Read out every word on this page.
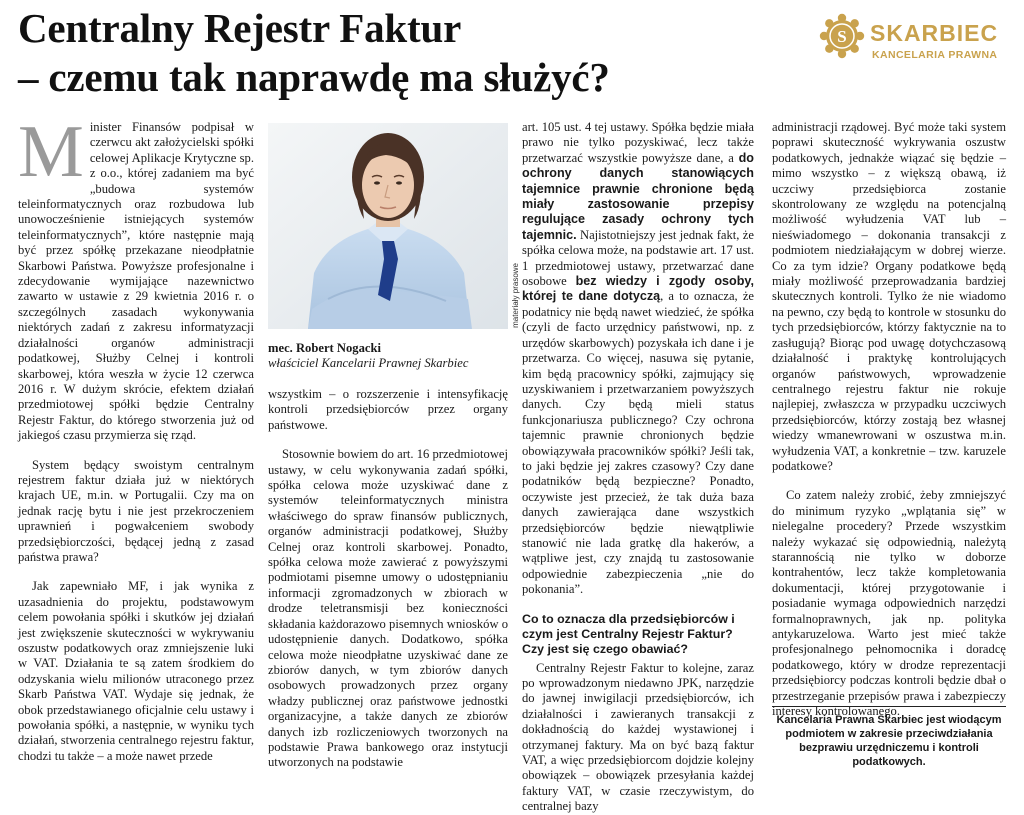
Centralny Rejestr Faktur
– czemu tak naprawdę ma służyć?
S SKARBIEC
KANCELARIA PRAWNA

Minister Finansów podpisał w czerwcu akt założycielski spółki celowej Aplikacje Krytyczne sp. z o.o., której zadaniem ma być „budowa systemów teleinformatycznych oraz rozbudowa lub unowocześnienie istniejących systemów teleinformatycznych”, które następnie mają być przez spółkę przekazane nieodpłatnie Skarbowi Państwa. Powyższe profesjonalne i zdecydowanie wymijające nazewnictwo zawarto w ustawie z 29 kwietnia 2016 r. o szczególnych zasadach wykonywania niektórych zadań z zakresu informatyzacji działalności organów administracji podatkowej, Służby Celnej i kontroli skarbowej, która weszła w życie 12 czerwca 2016 r. W dużym skrócie, efektem działań przedmiotowej spółki będzie Centralny Rejestr Faktur, do którego stworzenia już od jakiegoś czasu przymierza się rząd.

System będący swoistym centralnym rejestrem faktur działa już w niektórych krajach UE, m.in. w Portugalii. Czy ma on jednak rację bytu i nie jest przekroczeniem uprawnień i pogwałceniem swobody przedsiębiorczości, będącej jedną z zasad państwa prawa?

Jak zapewniało MF, i jak wynika z uzasadnienia do projektu, podstawowym celem powołania spółki i skutków jej działań jest zwiększenie skuteczności w wykrywaniu oszustw podatkowych oraz zmniejszenie luki w VAT. Działania te są zatem środkiem do odzyskania wielu milionów utraconego przez Skarb Państwa VAT. Wydaje się jednak, że obok przedstawianego oficjalnie celu ustawy i powołania spółki, a następnie, w wyniku tych działań, stworzenia centralnego rejestru faktur, chodzi tu także – a może nawet przede

materiały prasowe
mec. Robert Nogacki
właściciel Kancelarii Prawnej Skarbiec

wszystkim – o rozszerzenie i intensyfikację kontroli przedsiębiorców przez organy państwowe.

Stosownie bowiem do art. 16 przedmiotowej ustawy, w celu wykonywania zadań spółki, spółka celowa może uzyskiwać dane z systemów teleinformatycznych ministra właściwego do spraw finansów publicznych, organów administracji podatkowej, Służby Celnej oraz kontroli skarbowej. Ponadto, spółka celowa może zawierać z powyższymi podmiotami pisemne umowy o udostępnianiu informacji zgromadzonych w zbiorach w drodze teletransmisji bez konieczności składania każdorazowo pisemnych wniosków o udostępnienie danych. Dodatkowo, spółka celowa może nieodpłatne uzyskiwać dane ze zbiorów danych, w tym zbiorów danych osobowych prowadzonych przez organy władzy publicznej oraz państwowe jednostki organizacyjne, a także danych ze zbiorów danych izb rozliczeniowych tworzonych na podstawie Prawa bankowego oraz instytucji utworzonych na podstawie

art. 105 ust. 4 tej ustawy. Spółka będzie miała prawo nie tylko pozyskiwać, lecz także przetwarzać wszystkie powyższe dane, a do ochrony danych stanowiących tajemnice prawnie chronione będą miały zastosowanie przepisy regulujące zasady ochrony tych tajemnic. Najistotniejszy jest jednak fakt, że spółka celowa może, na podstawie art. 17 ust. 1 przedmiotowej ustawy, przetwarzać dane osobowe bez wiedzy i zgody osoby, której te dane dotyczą, a to oznacza, że podatnicy nie będą nawet wiedzieć, że spółka (czyli de facto urzędnicy państwowi, np. z urzędów skarbowych) pozyskała ich dane i je przetwarza. Co więcej, nasuwa się pytanie, kim będą pracownicy spółki, zajmujący się uzyskiwaniem i przetwarzaniem powyższych danych. Czy będą mieli status funkcjonariusza publicznego? Czy ochrona tajemnic prawnie chronionych będzie obowiązywała pracowników spółki? Jeśli tak, to jaki będzie jej zakres czasowy? Czy dane podatników będą bezpieczne? Ponadto, oczywiste jest przecież, że tak duża baza danych zawierająca dane wszystkich przedsiębiorców będzie niewątpliwie stanowić nie lada gratkę dla hakerów, a wątpliwe jest, czy znajdą tu zastosowanie odpowiednie zabezpieczenia „nie do pokonania”.

Co to oznacza dla przedsiębiorców i czym jest Centralny Rejestr Faktur? Czy jest się czego obawiać?

Centralny Rejestr Faktur to kolejne, zaraz po wprowadzonym niedawno JPK, narzędzie do jawnej inwigilacji przedsiębiorców, ich działalności i zawieranych transakcji z dokładnością do każdej wystawionej i otrzymanej faktury. Ma on być bazą faktur VAT, a więc przedsiębiorcom dojdzie kolejny obowiązek – obowiązek przesyłania każdej faktury VAT, w czasie rzeczywistym, do centralnej bazy

administracji rządowej. Być może taki system poprawi skuteczność wykrywania oszustw podatkowych, jednakże wiązać się będzie – mimo wszystko – z większą obawą, iż uczciwy przedsiębiorca zostanie skontrolowany ze względu na potencjalną możliwość wyłudzenia VAT lub – nieświadomego – dokonania transakcji z podmiotem niedziałającym w dobrej wierze. Co za tym idzie? Organy podatkowe będą miały możliwość przeprowadzania bardziej skutecznych kontroli. Tylko że nie wiadomo na pewno, czy będą to kontrole w stosunku do tych przedsiębiorców, którzy faktycznie na to zasługują? Biorąc pod uwagę dotychczasową działalność i praktykę kontrolujących organów państwowych, wprowadzenie centralnego rejestru faktur nie rokuje najlepiej, zwłaszcza w przypadku uczciwych przedsiębiorców, którzy zostają bez własnej wiedzy wmanewrowani w oszustwa m.in. wyłudzenia VAT, a konkretnie – tzw. karuzele podatkowe?

Co zatem należy zrobić, żeby zmniejszyć do minimum ryzyko „wplątania się” w nielegalne procedery? Przede wszystkim należy wykazać się odpowiednią, należytą starannością nie tylko w doborze kontrahentów, lecz także kompletowania dokumentacji, której przygotowanie i posiadanie wymaga odpowiednich narzędzi formalnoprawnych, jak np. polityka antykaruzelowa. Warto jest mieć także profesjonalnego pełnomocnika i doradcę podatkowego, który w drodze reprezentacji przedsiębiorcy podczas kontroli będzie dbał o przestrzeganie przepisów prawa i zabezpieczy interesy kontrolowanego.

Kancelaria Prawna Skarbiec jest wiodącym podmiotem w zakresie przeciwdziałania bezprawiu urzędniczemu i kontroli podatkowych.
